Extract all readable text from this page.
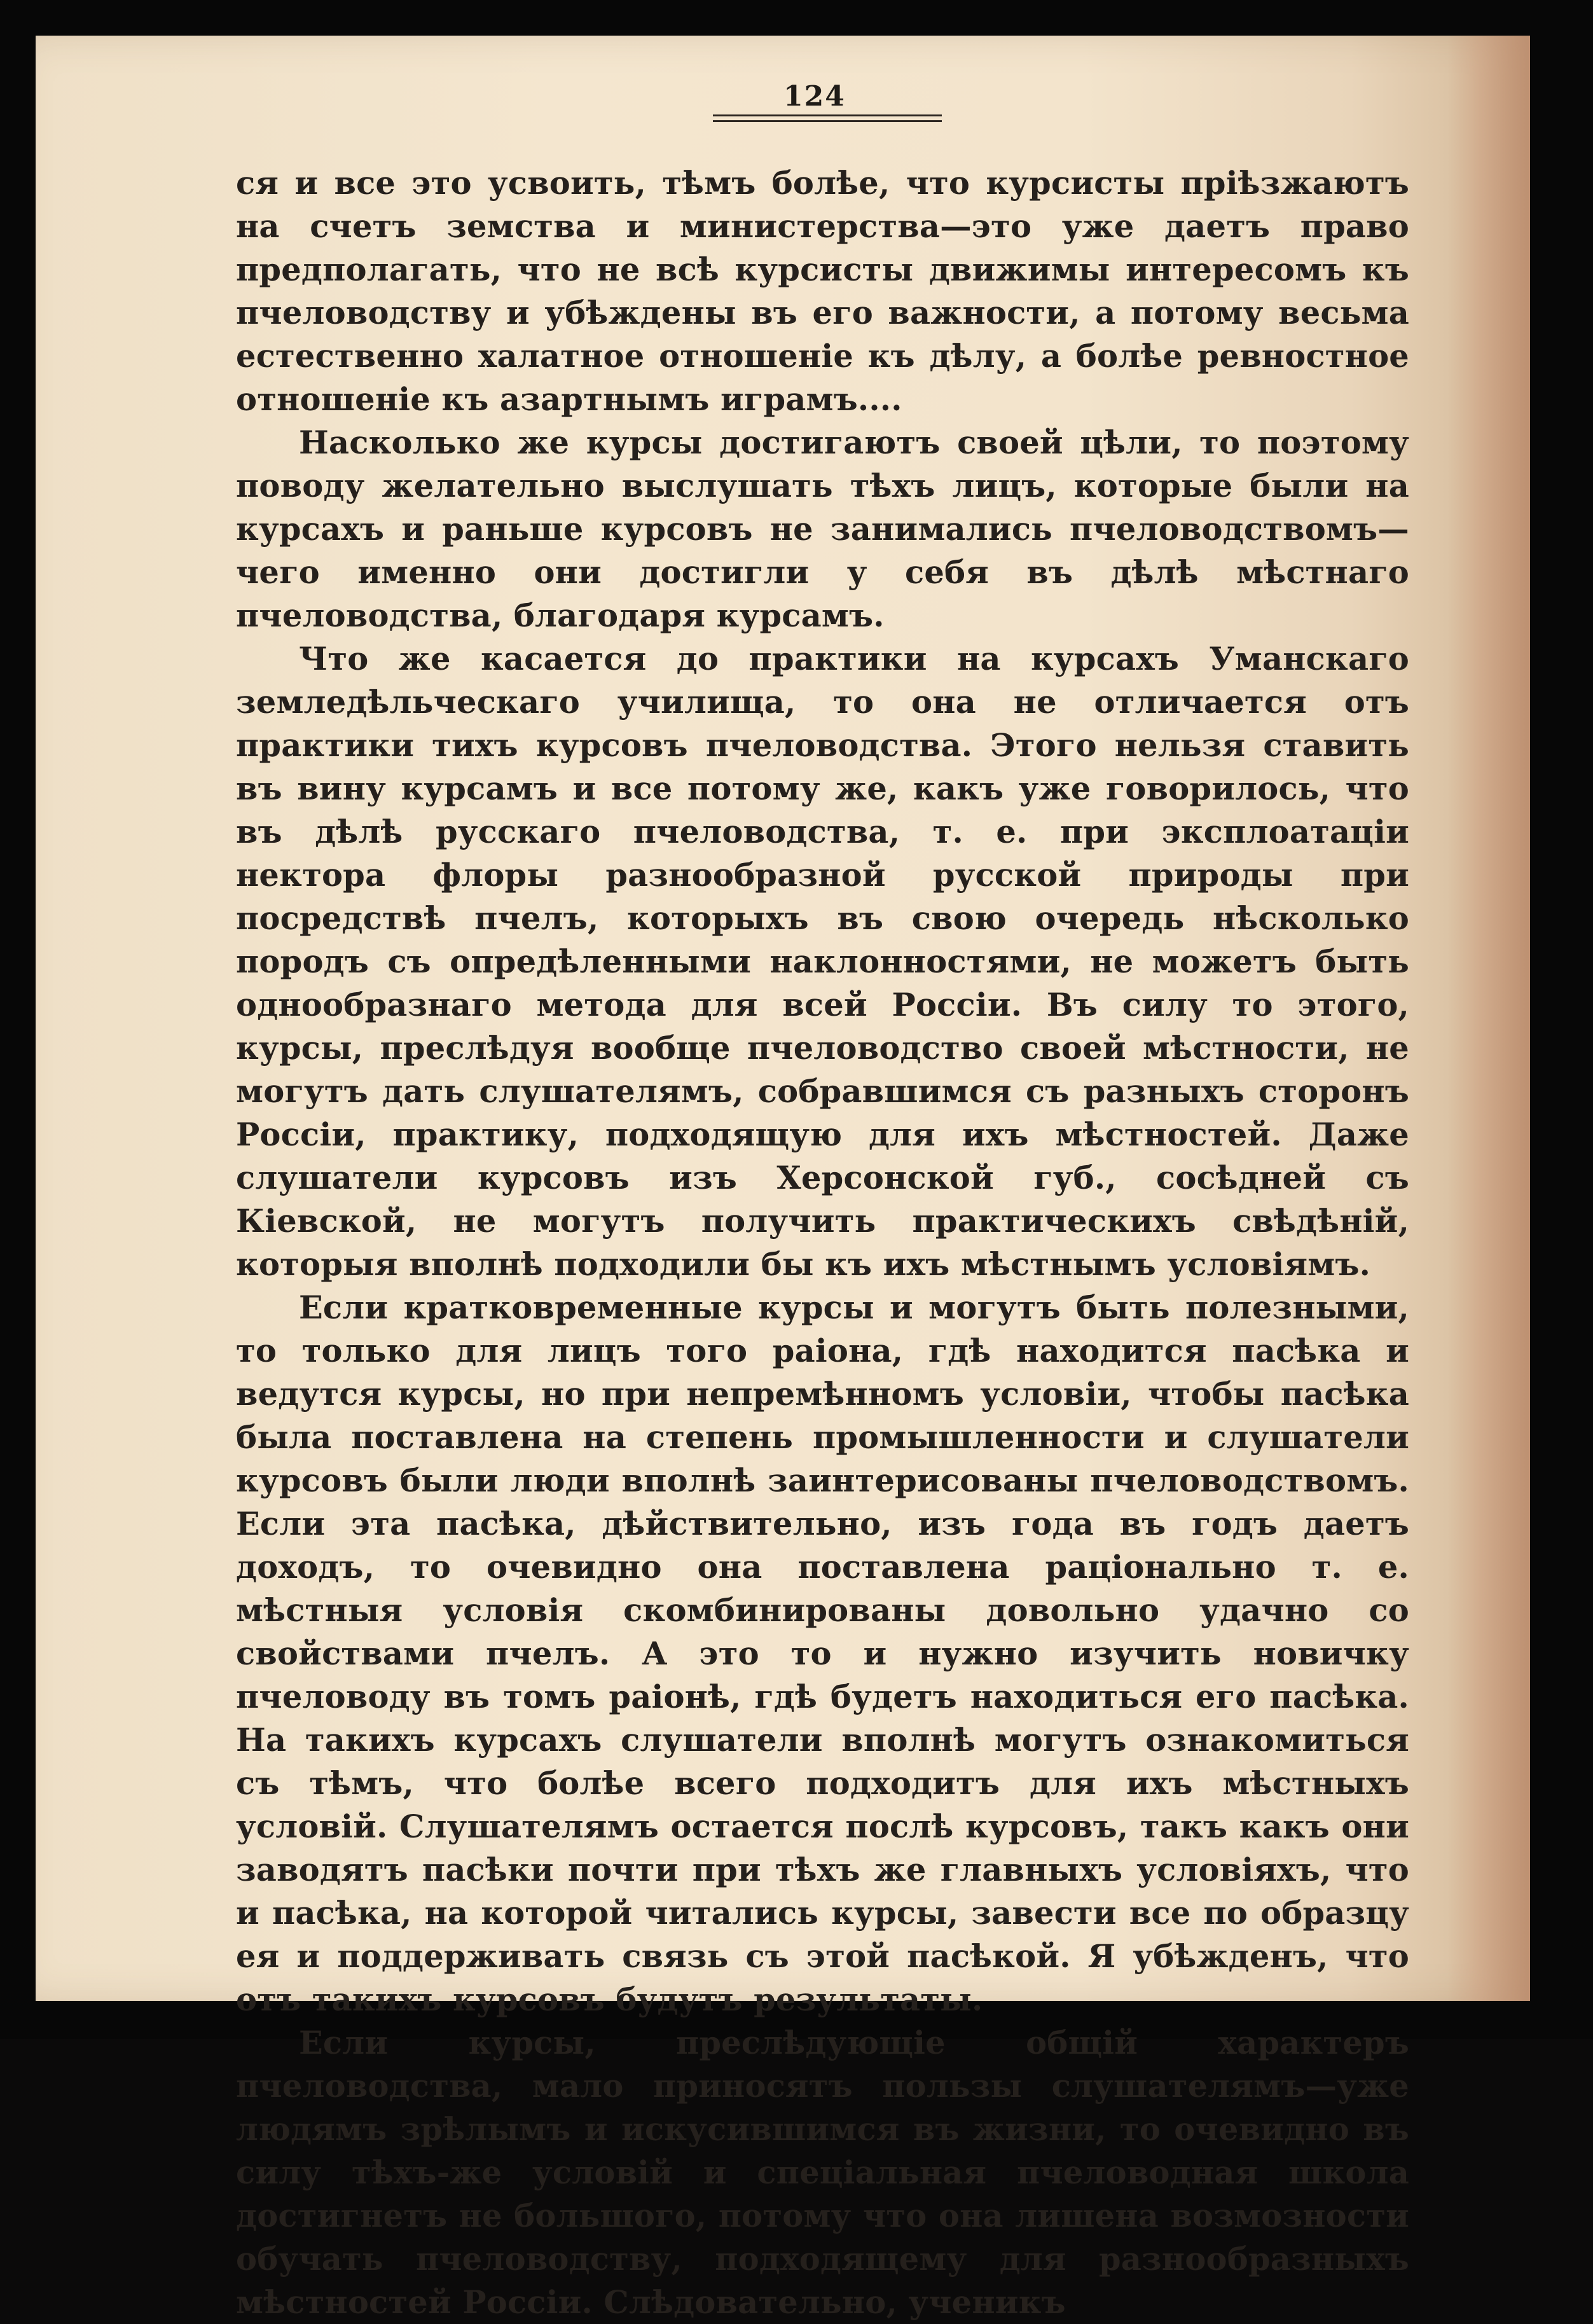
124

ся и все это усвоить, тѣмъ болѣе, что курсисты пріѣзжаютъ на счетъ земства и министерства—это уже даетъ право предполагать, что не всѣ курсисты движимы интересомъ къ пчеловодству и убѣждены въ его важности, а потому весьма естественно халатное отношеніе къ дѣлу, а болѣе ревностное отношеніе къ азартнымъ играмъ....

Насколько же курсы достигаютъ своей цѣли, то поэтому поводу желательно выслушать тѣхъ лицъ, которые были на курсахъ и раньше курсовъ не занимались пчеловодствомъ—чего именно они достигли у себя въ дѣлѣ мѣстнаго пчеловодства, благодаря курсамъ.

Что же касается до практики на курсахъ Уманскаго земледѣльческаго училища, то она не отличается отъ практики тихъ курсовъ пчеловодства. Этого нельзя ставить въ вину курсамъ и все потому же, какъ уже говорилось, что въ дѣлѣ русскаго пчеловодства, т. е. при эксплоатаціи нектора флоры разнообразной русской природы при посредствѣ пчелъ, которыхъ въ свою очередь нѣсколько породъ съ опредѣленными наклонностями, не можетъ быть однообразнаго метода для всей Россіи. Въ силу то этого, курсы, преслѣдуя вообще пчеловодство своей мѣстности, не могутъ дать слушателямъ, собравшимся съ разныхъ сторонъ Россіи, практику, подходящую для ихъ мѣстностей. Даже слушатели курсовъ изъ Херсонской губ., сосѣдней съ Кіевской, не могутъ получить практическихъ свѣдѣній, которыя вполнѣ подходили бы къ ихъ мѣстнымъ условіямъ.

Если кратковременные курсы и могутъ быть полезными, то только для лицъ того раіона, гдѣ находится пасѣка и ведутся курсы, но при непремѣнномъ условіи, чтобы пасѣка была поставлена на степень промышленности и слушатели курсовъ были люди вполнѣ заинтерисованы пчеловодствомъ. Если эта пасѣка, дѣйствительно, изъ года въ годъ даетъ доходъ, то очевидно она поставлена раціонально т. е. мѣстныя условія скомбинированы довольно удачно со свойствами пчелъ. А это то и нужно изучить новичку пчеловоду въ томъ раіонѣ, гдѣ будетъ находиться его пасѣка. На такихъ курсахъ слушатели вполнѣ могутъ ознакомиться съ тѣмъ, что болѣе всего подходитъ для ихъ мѣстныхъ условій. Слушателямъ остается послѣ курсовъ, такъ какъ они заводятъ пасѣки почти при тѣхъ же главныхъ условіяхъ, что и пасѣка, на которой читались курсы, завести все по образцу ея и поддерживать связь съ этой пасѣкой. Я убѣжденъ, что отъ такихъ курсовъ будутъ результаты.

Если курсы, преслѣдующіе общій характеръ пчеловодства, мало приносятъ пользы слушателямъ—уже людямъ зрѣлымъ и искусившимся въ жизни, то очевидно въ силу тѣхъ-же условій и спеціальная пчеловодная школа достигнетъ не большого, потому что она лишена возмозности обучать пчеловодству, подходящему для разнообразныхъ мѣстностей Россіи. Слѣдовательно, ученикъ
